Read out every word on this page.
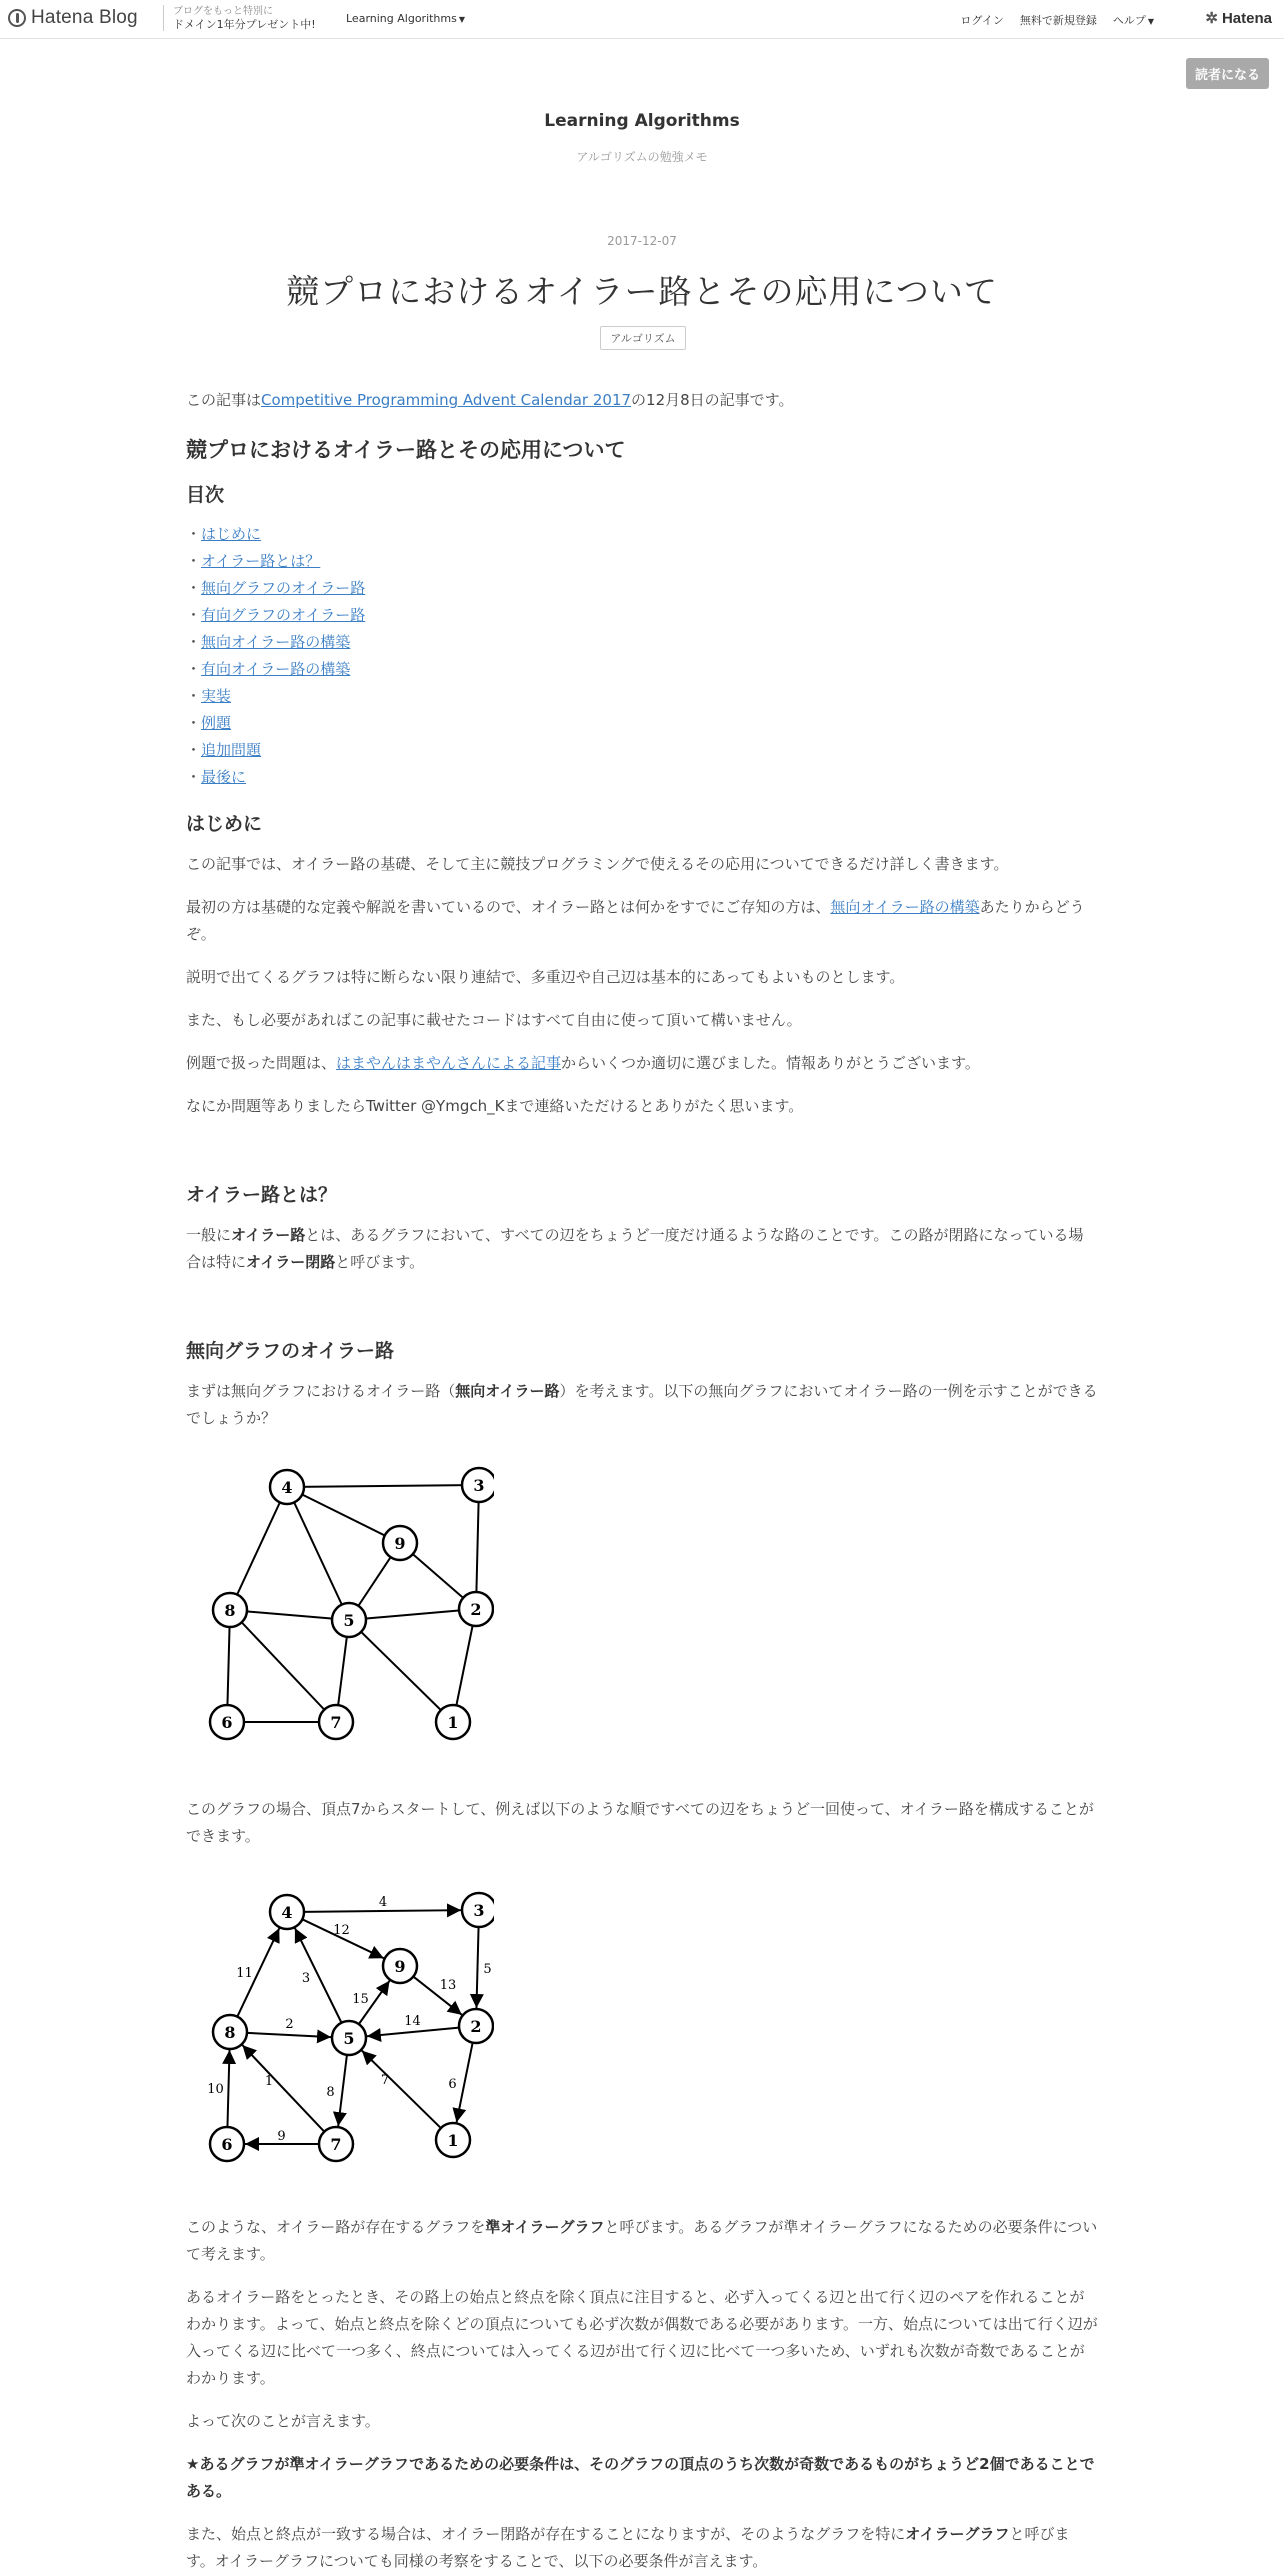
Hatena Blog	ブログをもっと特別に
ドメイン1年分プレゼント中!	Learning Algorithms ▼	ログイン 無料で新規登録 ヘルプ ▼	✲ Hatena
読者になる
Learning Algorithms
アルゴリズムの勉強メモ
2017-12-07
競プロにおけるオイラー路とその応用について
アルゴリズム

この記事はCompetitive Programming Advent Calendar 2017の12月8日の記事です。

競プロにおけるオイラー路とその応用について
目次
・ はじめに
・ オイラー路とは？
・ 無向グラフのオイラー路
・ 有向グラフのオイラー路
・ 無向オイラー路の構築
・ 有向オイラー路の構築
・ 実装
・ 例題
・ 追加問題
・ 最後に
はじめに

この記事では、オイラー路の基礎、そして主に競技プログラミングで使えるその応用についてできるだけ詳しく書きます。

最初の方は基礎的な定義や解説を書いているので、オイラー路とは何かをすでにご存知の方は、無向オイラー路の構築あたりからどうぞ。

説明で出てくるグラフは特に断らない限り連結で、多重辺や自己辺は基本的にあってもよいものとします。

また、もし必要があればこの記事に載せたコードはすべて自由に使って頂いて構いません。

例題で扱った問題は、はまやんはまやんさんによる記事からいくつか適切に選びました。情報ありがとうございます。

なにか問題等ありましたらTwitter @Ymgch_Kまで連絡いただけるとありがたく思います。

オイラー路とは？

一般にオイラー路とは、あるグラフにおいて、すべての辺をちょうど一度だけ通るような路のことです。この路が閉路になっている場合は特にオイラー閉路と呼びます。

無向グラフのオイラー路

まずは無向グラフにおけるオイラー路（無向オイラー路）を考えます。以下の無向グラフにおいてオイラー路の一例を示すことができるでしょうか？

4	3
9
8
5
2
6	7	1

このグラフの場合、頂点7からスタートして、例えば以下のような順ですべての辺をちょうど一回使って、オイラー路を構成することができます。

4
12
11	3
15
13
5
2	14
10
1
8
7
9
6
4	3
9
8	5
2
6	7	1

このような、オイラー路が存在するグラフを準オイラーグラフと呼びます。あるグラフが準オイラーグラフになるための必要条件について考えます。

あるオイラー路をとったとき、その路上の始点と終点を除く頂点に注目すると、必ず入ってくる辺と出て行く辺のペアを作れることがわかります。よって、始点と終点を除くどの頂点についても必ず次数が偶数である必要があります。一方、始点については出て行く辺が入ってくる辺に比べて一つ多く、終点については入ってくる辺が出て行く辺に比べて一つ多いため、いずれも次数が奇数であることがわかります。

よって次のことが言えます。

★あるグラフが準オイラーグラフであるための必要条件は、そのグラフの頂点のうち次数が奇数であるものがちょうど2個であることである。

また、始点と終点が一致する場合は、オイラー閉路が存在することになりますが、そのようなグラフを特にオイラーグラフと呼びます。オイラーグラフについても同様の考察をすることで、以下の必要条件が言えます。
